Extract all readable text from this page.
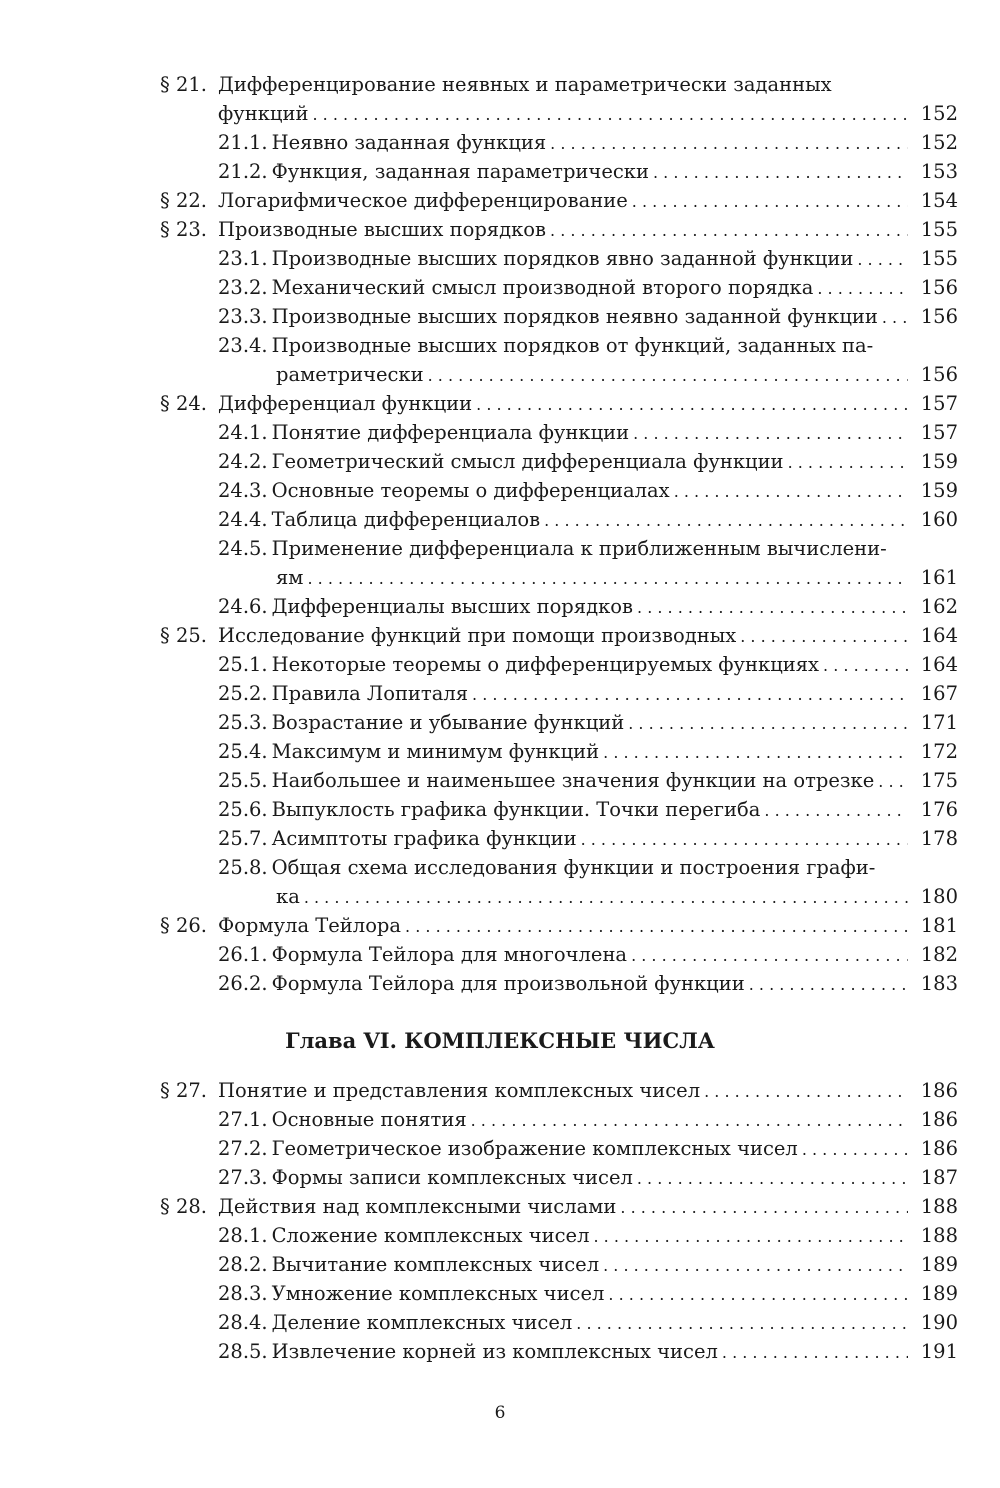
§ 21. Дифференцирование неявных и параметрически заданных
функций . . .	152
21.1. Неявно заданная функция . . .	152
21.2. Функция, заданная параметрически . . .	153
§ 22. Логарифмическое дифференцирование . . .	154
§ 23. Производные высших порядков . . .	155
23.1. Производные высших порядков явно заданной функции . . .	155
23.2. Механический смысл производной второго порядка . . .	156
23.3. Производные высших порядков неявно заданной функции . . . 156
23.4. Производные высших порядков от функций, заданных па-
раметрически . . .	156
§ 24. Дифференциал функции . . .	157
24.1. Понятие дифференциала функции . . .	157
24.2. Геометрический смысл дифференциала функции . . .	159
24.3. Основные теоремы о дифференциалах . . .	159
24.4. Таблица дифференциалов . . .	160
24.5. Применение дифференциала к приближенным вычислени-
ям . . .	161
24.6. Дифференциалы высших порядков . . .	162
§ 25. Исследование функций при помощи производных . . .	164
25.1. Некоторые теоремы о дифференцируемых функциях . . .	164
25.2. Правила Лопиталя . . .	167
25.3. Возрастание и убывание функций . . .	171
25.4. Максимум и минимум функций . . .	172
25.5. Наибольшее и наименьшее значения функции на отрезке . . . 175
25.6. Выпуклость графика функции. Точки перегиба . . .	176
25.7. Асимптоты графика функции . . .	178
25.8. Общая схема исследования функции и построения графи-
ка . . .	180
§ 26. Формула Тейлора . . .	181
26.1. Формула Тейлора для многочлена . . .	182
26.2. Формула Тейлора для произвольной функции . . .	183
Глава VI. КОМПЛЕКСНЫЕ ЧИСЛА
§ 27. Понятие и представления комплексных чисел . . .	186
27.1. Основные понятия . . .	186
27.2. Геометрическое изображение комплексных чисел . . .	186
27.3. Формы записи комплексных чисел . . .	187
§ 28. Действия над комплексными числами . . .	188
28.1. Сложение комплексных чисел . . .	188
28.2. Вычитание комплексных чисел . . .	189
28.3. Умножение комплексных чисел . . .	189
28.4. Деление комплексных чисел . . .	190
28.5. Извлечение корней из комплексных чисел . . .	191
6
